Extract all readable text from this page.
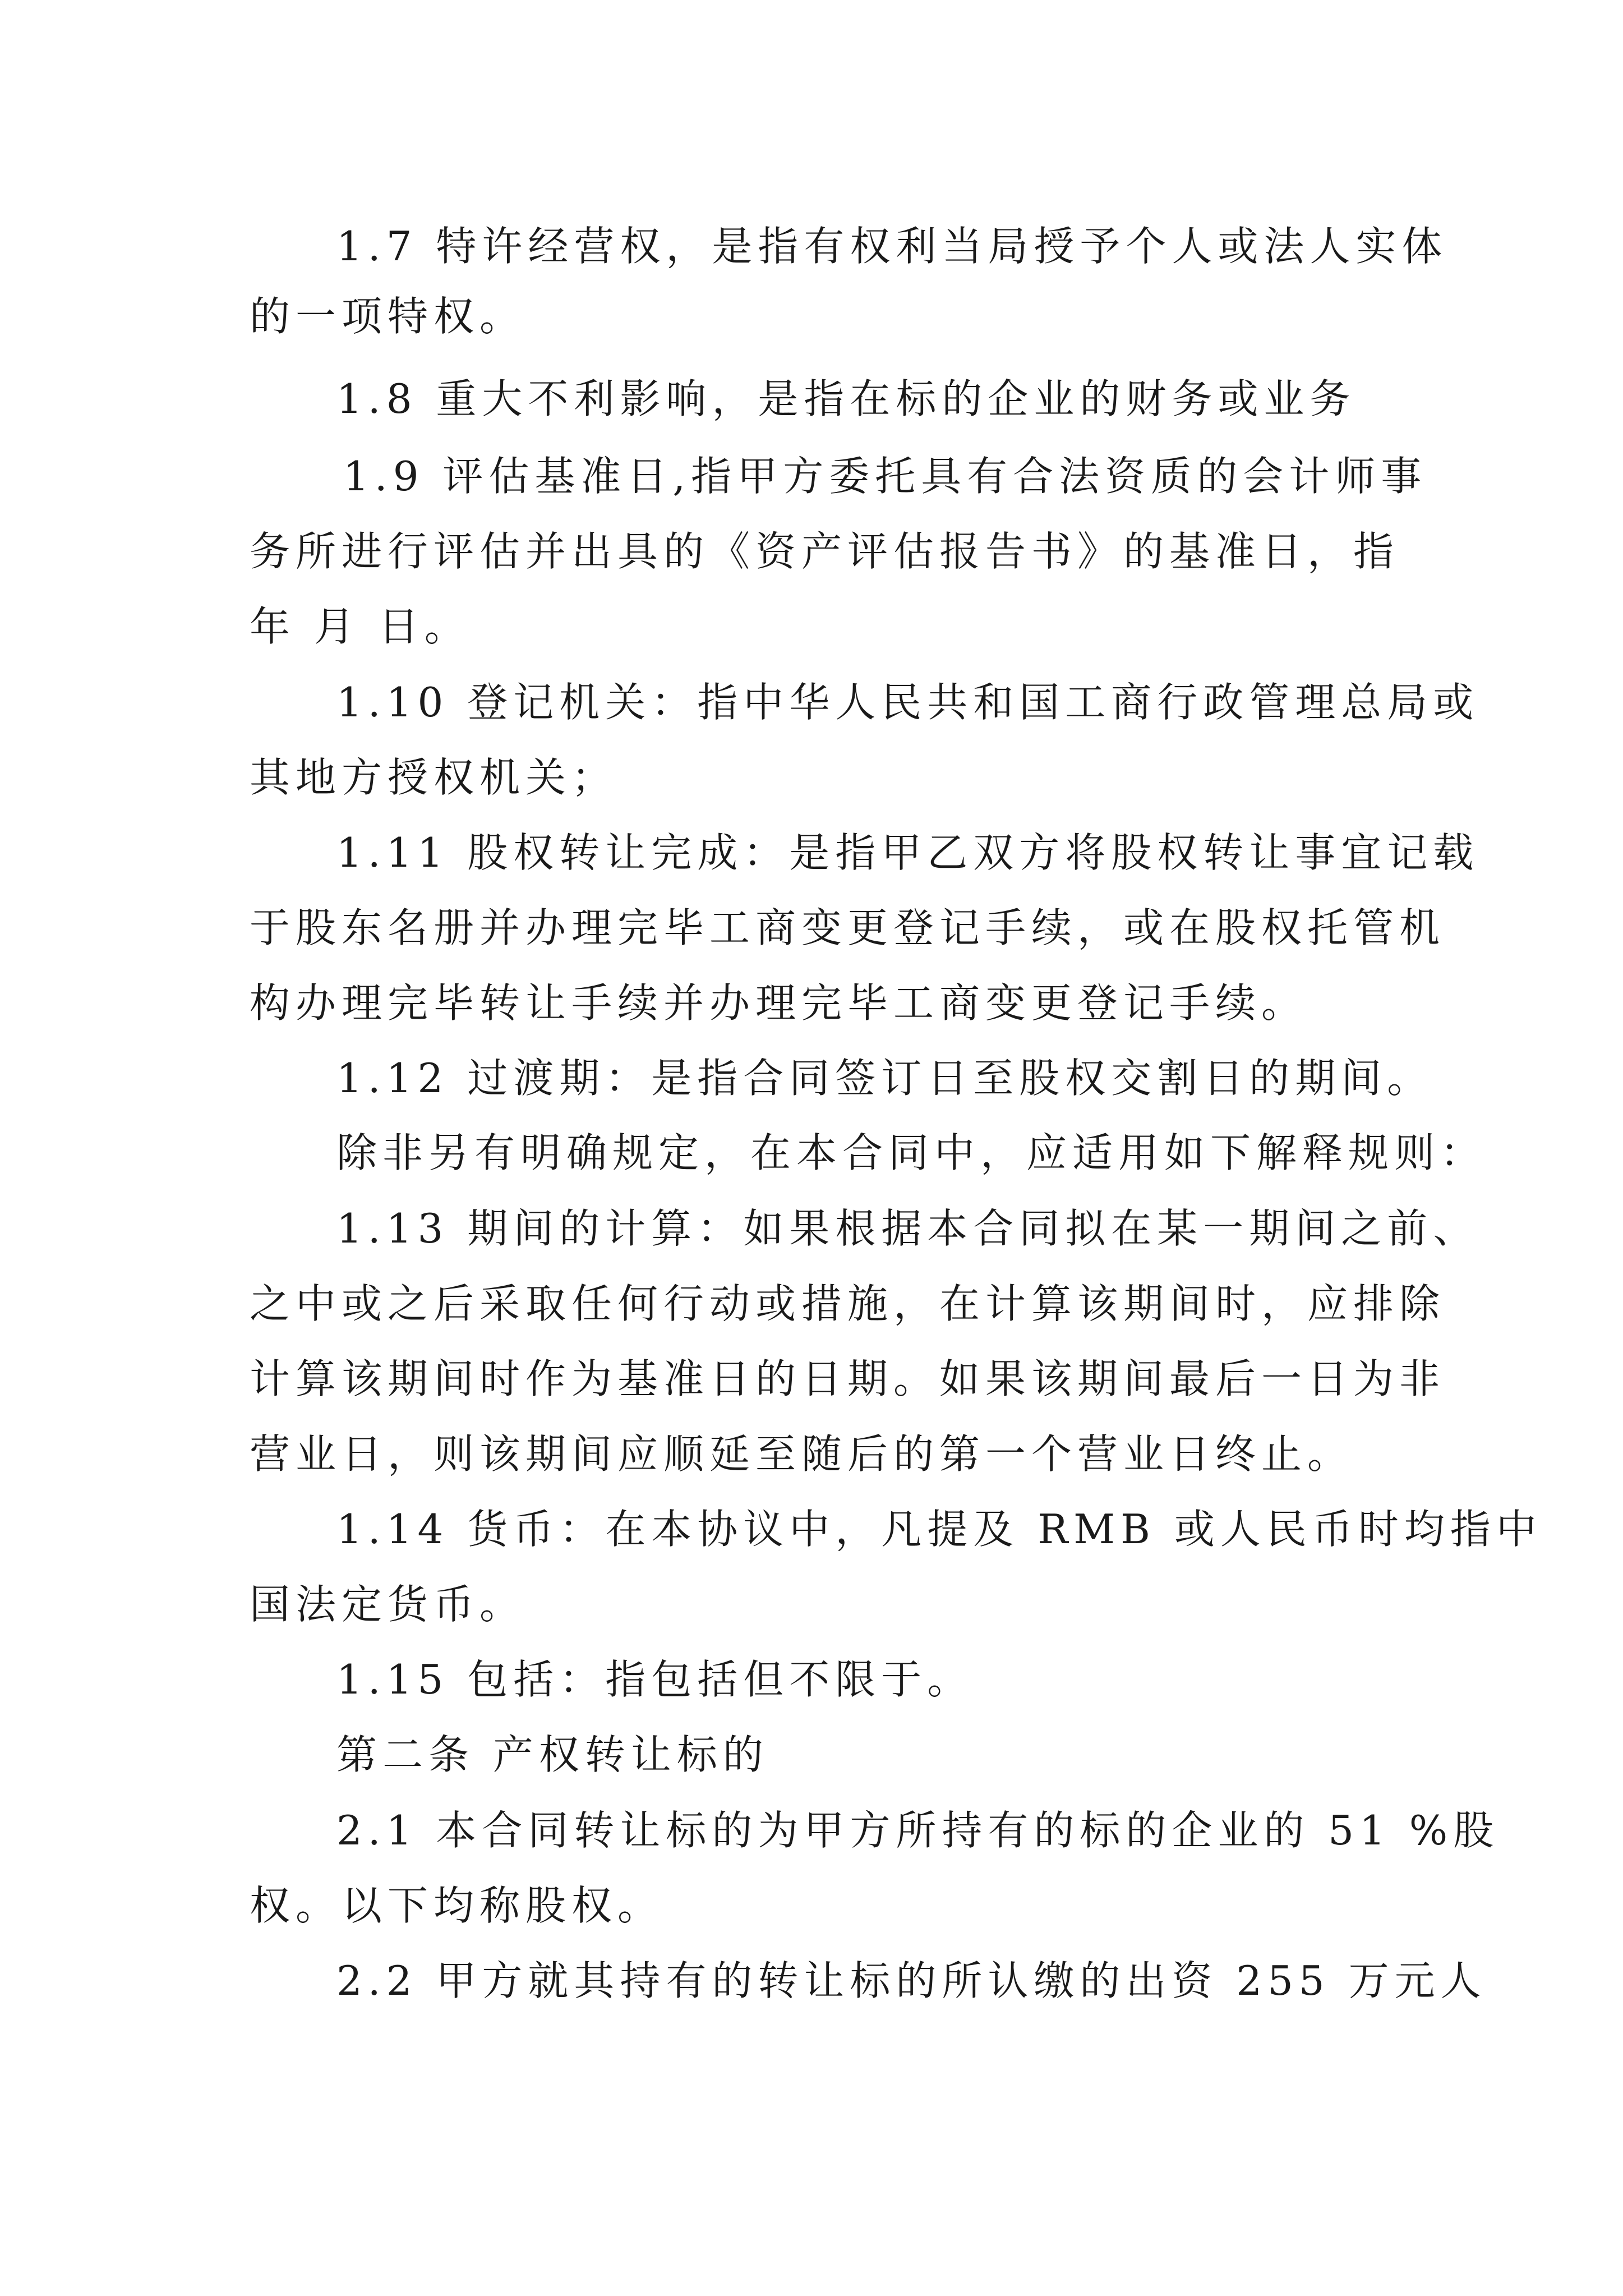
1.7 特许经营权，是指有权利当局授予个人或法人实体
的一项特权。
1.8 重大不利影响，是指在标的企业的财务或业务
1.9 评估基准日,指甲方委托具有合法资质的会计师事
务所进行评估并出具的《资产评估报告书》的基准日，指
年 月 日。
1.10 登记机关：指中华人民共和国工商行政管理总局或
其地方授权机关；
1.11 股权转让完成：是指甲乙双方将股权转让事宜记载
于股东名册并办理完毕工商变更登记手续，或在股权托管机
构办理完毕转让手续并办理完毕工商变更登记手续。
1.12 过渡期：是指合同签订日至股权交割日的期间。
除非另有明确规定，在本合同中，应适用如下解释规则：
1.13 期间的计算：如果根据本合同拟在某一期间之前、
之中或之后采取任何行动或措施，在计算该期间时，应排除
计算该期间时作为基准日的日期。如果该期间最后一日为非
营业日，则该期间应顺延至随后的第一个营业日终止。
1.14 货币：在本协议中，凡提及 RMB 或人民币时均指中
国法定货币。
1.15 包括：指包括但不限于。
第二条 产权转让标的
2.1 本合同转让标的为甲方所持有的标的企业的 51 %股
权。以下均称股权。
2.2 甲方就其持有的转让标的所认缴的出资 255 万元人
